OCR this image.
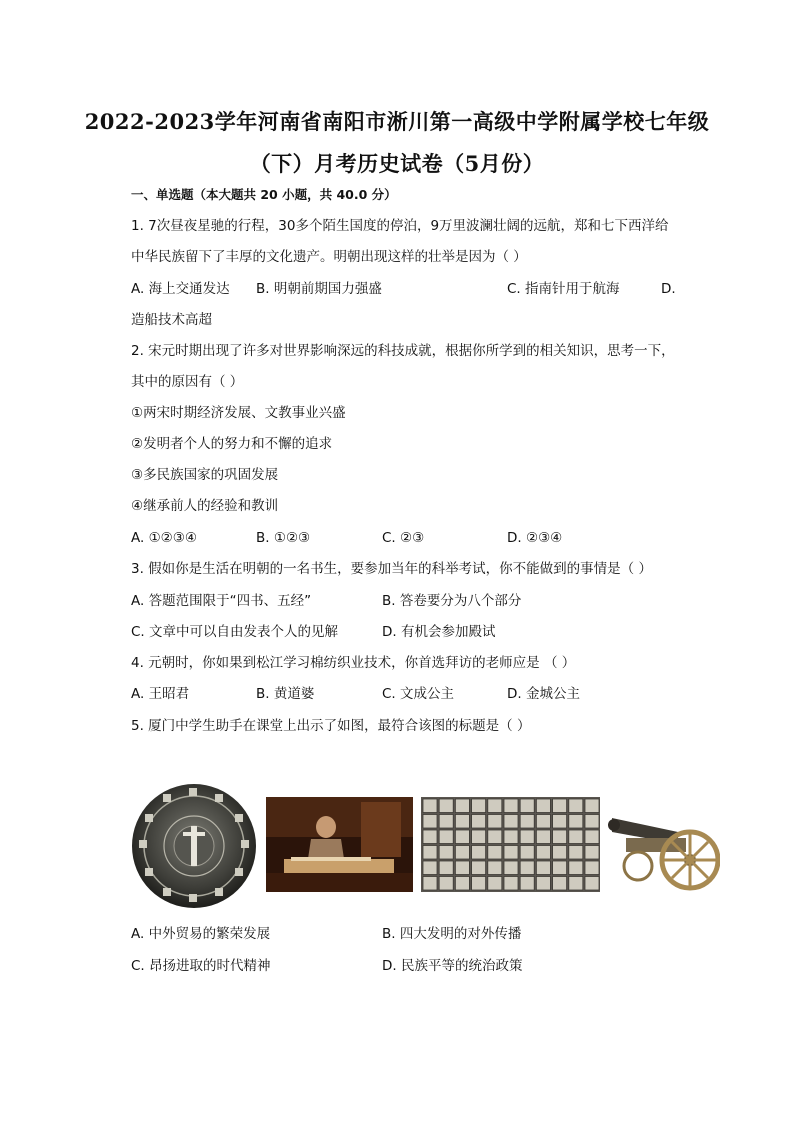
2022-2023学年河南省南阳市淅川第一高级中学附属学校七年级
（下）月考历史试卷（5月份）
一、单选题（本大题共 20 小题，共 40.0 分）
1. 7次昼夜星驰的行程，30多个陌生国度的停泊，9万里波澜壮阔的远航，郑和七下西洋给
中华民族留下了丰厚的文化遗产。明朝出现这样的壮举是因为（ ）
A. 海上交通发达 B. 明朝前期国力强盛	C. 指南针用于航海	D.
造船技术高超
2. 宋元时期出现了许多对世界影响深远的科技成就，根据你所学到的相关知识，思考一下，
其中的原因有（ ）
①两宋时期经济发展、文教事业兴盛
②发明者个人的努力和不懈的追求
③多民族国家的巩固发展
④继承前人的经验和教训
A. ①②③④	B. ①②③	C. ②③	D. ②③④
3. 假如你是生活在明朝的一名书生，要参加当年的科举考试，你不能做到的事情是（ ）
A. 答题范围限于“四书、五经”	B. 答卷要分为八个部分
C. 文章中可以自由发表个人的见解	D. 有机会参加殿试
4. 元朝时，你如果到松江学习棉纺织业技术，你首选拜访的老师应是 （ ）
A. 王昭君	B. 黄道婆	C. 文成公主	D. 金城公主
5. 厦门中学生助手在课堂上出示了如图，最符合该图的标题是（ ）
A. 中外贸易的繁荣发展	B. 四大发明的对外传播
C. 昂扬进取的时代精神	D. 民族平等的统治政策
